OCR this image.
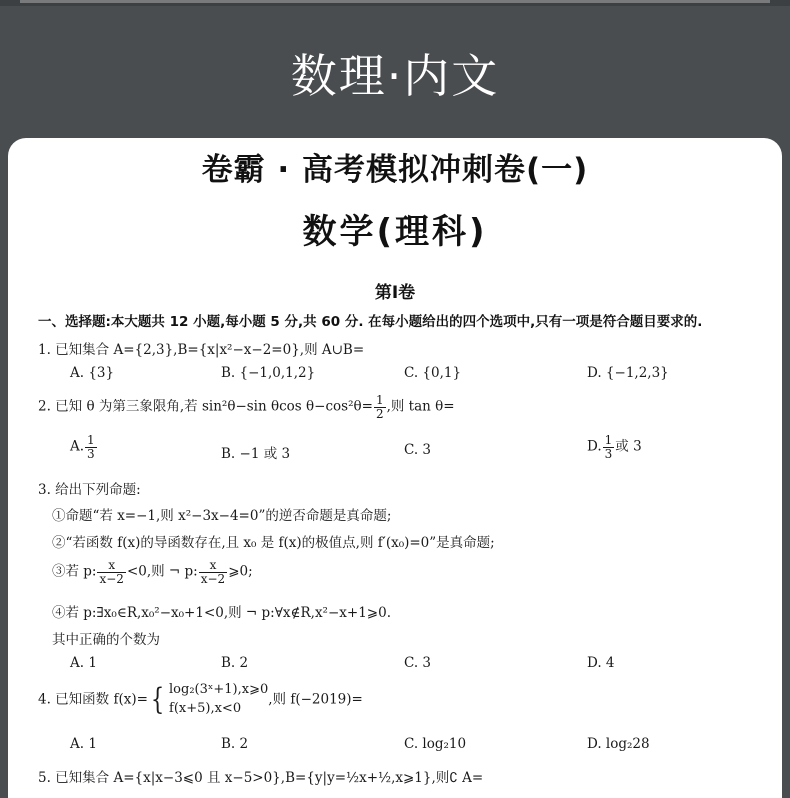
数理·内文
卷霸 · 高考模拟冲刺卷(一)
数学(理科)
第Ⅰ卷
一、选择题:本大题共 12 小题,每小题 5 分,共 60 分. 在每小题给出的四个选项中,只有一项是符合题目要求的.
1. 已知集合 A={2,3},B={x|x²−x−2=0},则 A∪B=
A. {3}	B. {−1,0,1,2}	C. {0,1}	D. {−1,2,3}
2. 已知 θ 为第三象限角,若 sin²θ−sin θcos $\theta-\cos^2\theta= \frac{1}{2}$ ,则 tan θ=
A. $\frac{1}{3}$	B. −1 或 3	C. 3	D. $\frac{1}{3}$ 或 3
3. 给出下列命题:
①命题“若 x=−1,则 x²−3x−4=0”的逆否命题是真命题;
②“若函数 f(x)的导函数存在,且 x₀ 是 f(x)的极值点,则 f′(x₀)=0”是真命题;
③若 p: $\frac{x}{x-2} <0$,则 ¬ p: $\frac{x}{x-2}$ ⩾0;
④若 p:∃x₀∈R,x₀²−x₀+1<0,则 ¬ p:∀x∉R,x²−x+1⩾0.
其中正确的个数为
A. 1	B. 2	C. 3	D. 4
4. 已知函数 f(x)={ log₂(3ˣ+1),x⩾0
f(x+5),x<0
,则 f(−2019)=
A. 1	B. 2	C. log₂10	D. log₂28
5. 已知集合 A={x|x−3⩽0 且 x−5>0},B={y|y=½x+½,x⩾1},则∁ A=
